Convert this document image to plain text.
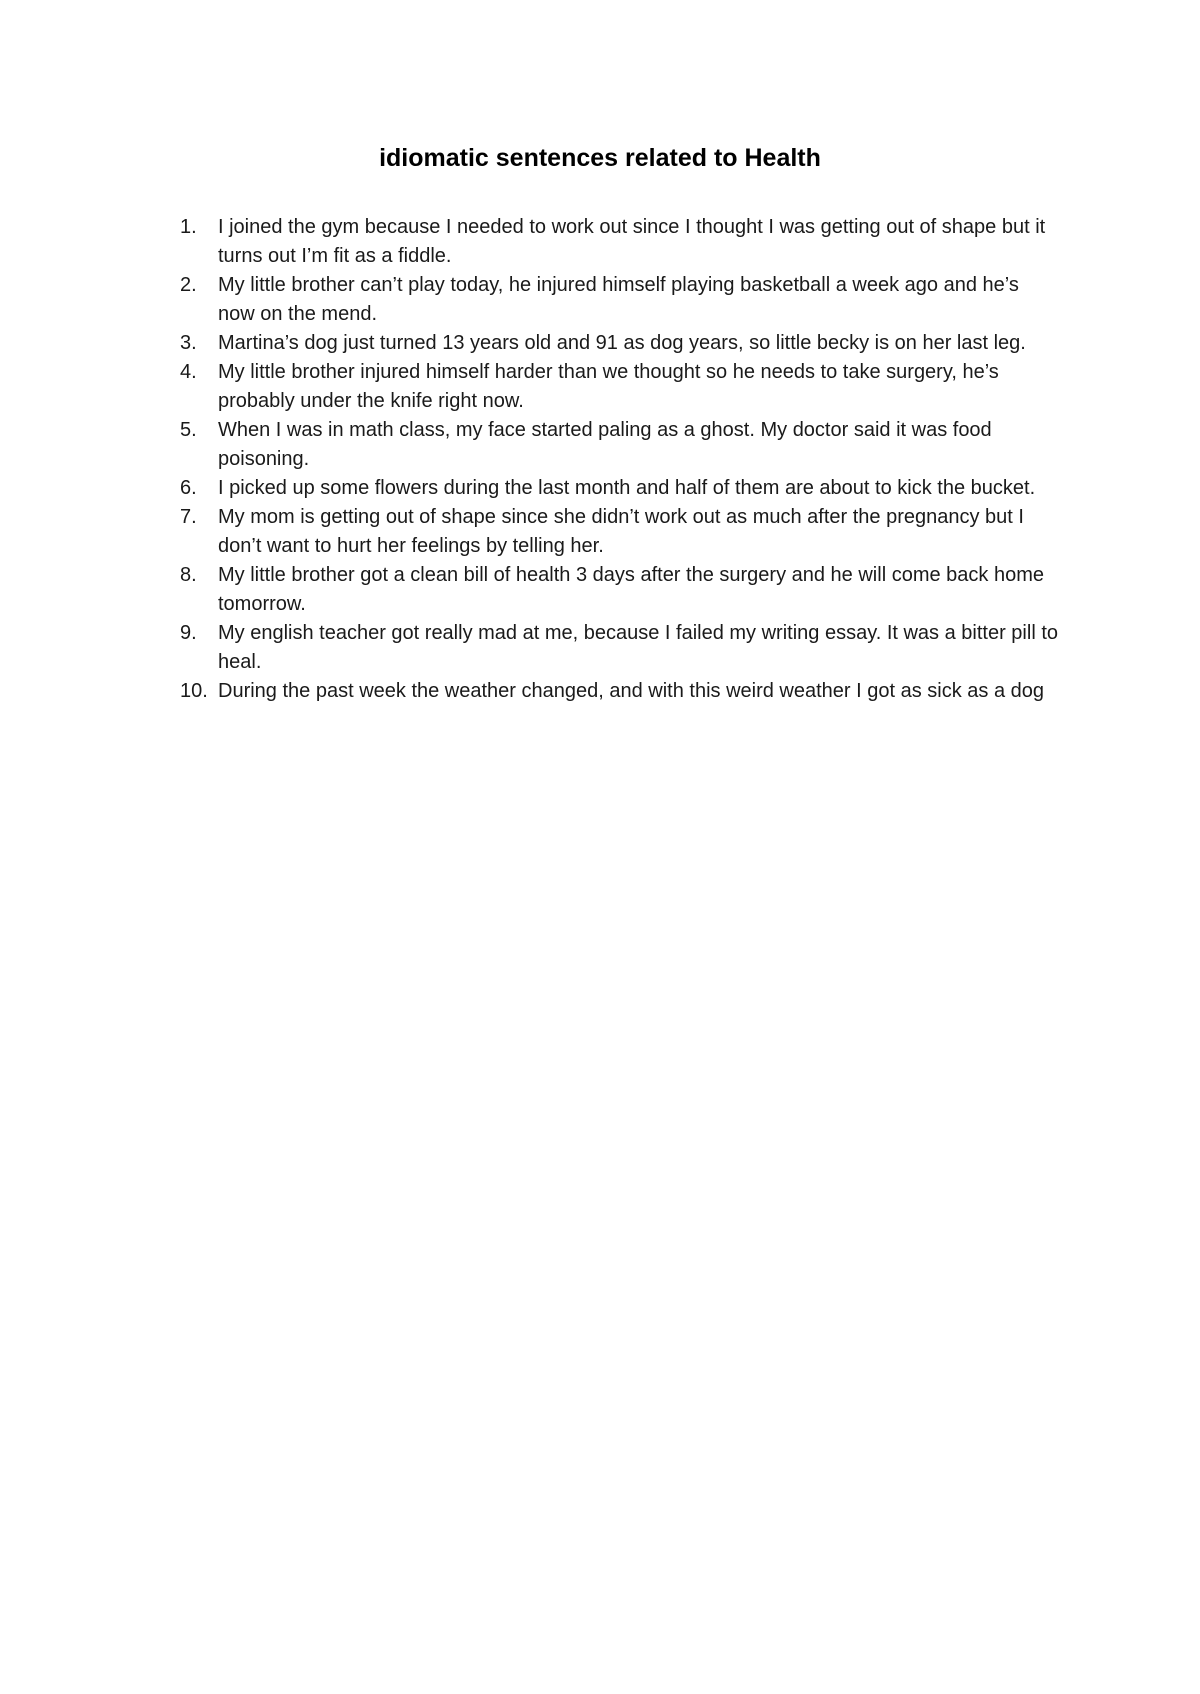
idiomatic sentences related to Health
1.	I joined the gym because I needed to work out since I thought I was getting out of shape but it turns out I’m fit as a fiddle.
2.	My little brother can’t play today, he injured himself playing basketball a week ago and he’s now on the mend.
3.	Martina’s dog just turned 13 years old and 91 as dog years, so little becky is on her last leg.
4.	My little brother injured himself harder than we thought so he needs to take surgery, he’s probably under the knife right now.
5.	When I was in math class, my face started paling as a ghost. My doctor said it was food poisoning.
6.	I picked up some flowers during the last month and half of them are about to kick the bucket.
7.	My mom is getting out of shape since she didn’t work out as much after the pregnancy but I don’t want to hurt her feelings by telling her.
8.	My little brother got a clean bill of health 3 days after the surgery and he will come back home tomorrow.
9.	My english teacher got really mad at me, because I failed my writing essay. It was a bitter pill to heal.
10. During the past week the weather changed, and with this weird weather I got as sick as a dog
